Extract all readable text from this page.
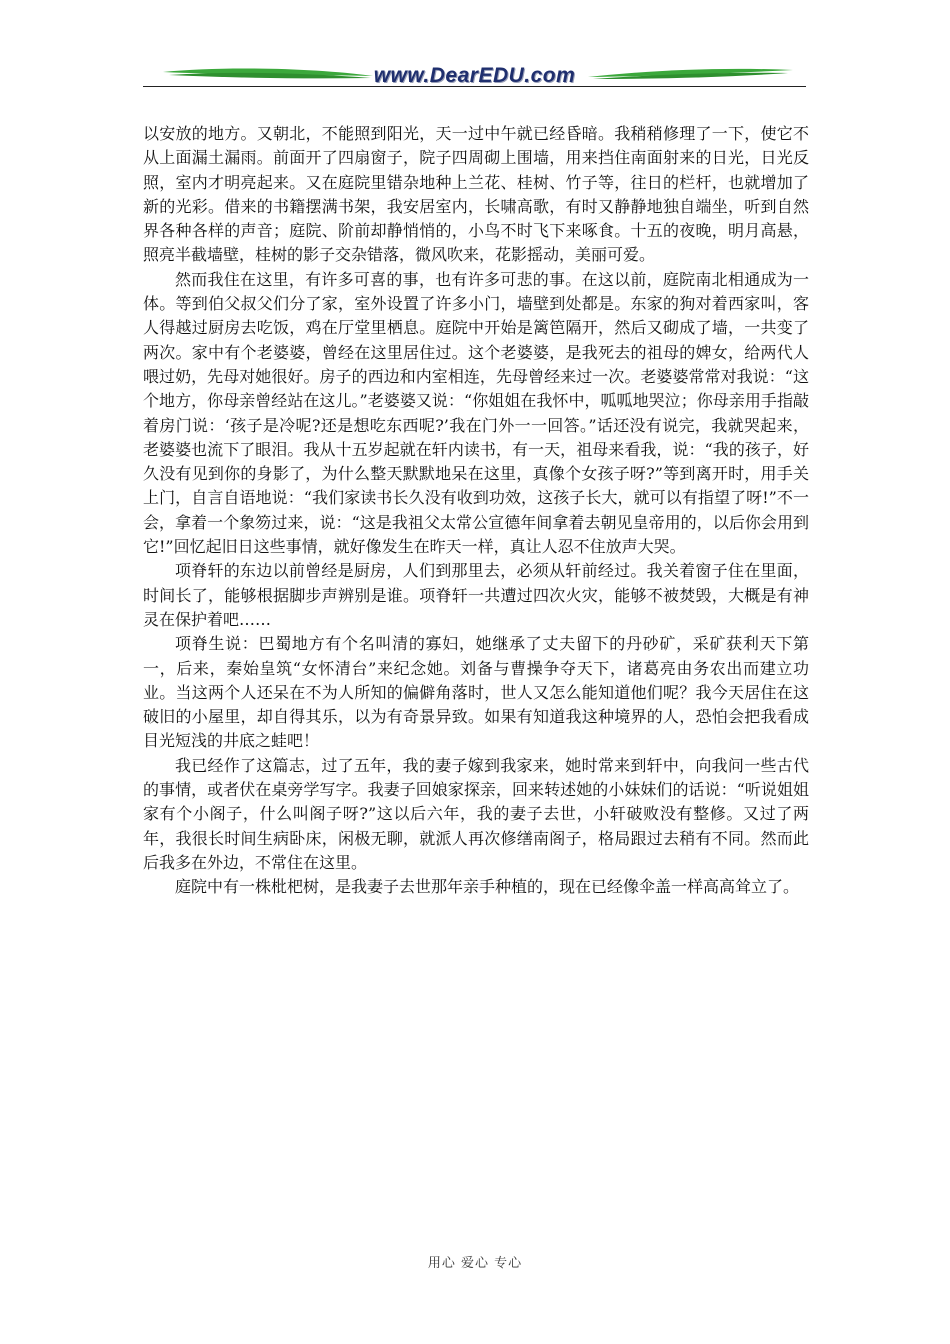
www.DearEDU.com

以安放的地方。又朝北，不能照到阳光，天一过中午就已经昏暗。我稍稍修理了一下，使它不从上面漏土漏雨。前面开了四扇窗子，院子四周砌上围墙，用来挡住南面射来的日光，日光反照，室内才明亮起来。又在庭院里错杂地种上兰花、桂树、竹子等，往日的栏杆，也就增加了新的光彩。借来的书籍摆满书架，我安居室内，长啸高歌，有时又静静地独自端坐，听到自然界各种各样的声音；庭院、阶前却静悄悄的，小鸟不时飞下来啄食。十五的夜晚，明月高悬，照亮半截墙壁，桂树的影子交杂错落，微风吹来，花影摇动，美丽可爱。

然而我住在这里，有许多可喜的事，也有许多可悲的事。在这以前，庭院南北相通成为一体。等到伯父叔父们分了家，室外设置了许多小门，墙壁到处都是。东家的狗对着西家叫，客人得越过厨房去吃饭，鸡在厅堂里栖息。庭院中开始是篱笆隔开，然后又砌成了墙，一共变了两次。家中有个老婆婆，曾经在这里居住过。这个老婆婆，是我死去的祖母的婢女，给两代人喂过奶，先母对她很好。房子的西边和内室相连，先母曾经来过一次。老婆婆常常对我说：“这个地方，你母亲曾经站在这儿。”老婆婆又说：“你姐姐在我怀中，呱呱地哭泣；你母亲用手指敲着房门说：‘孩子是冷呢?还是想吃东西呢?’我在门外一一回答。”话还没有说完，我就哭起来，老婆婆也流下了眼泪。我从十五岁起就在轩内读书，有一天，祖母来看我，说：“我的孩子，好久没有见到你的身影了，为什么整天默默地呆在这里，真像个女孩子呀?”等到离开时，用手关上门，自言自语地说：“我们家读书长久没有收到功效，这孩子长大，就可以有指望了呀!”不一会，拿着一个象笏过来，说：“这是我祖父太常公宣德年间拿着去朝见皇帝用的，以后你会用到它!”回忆起旧日这些事情，就好像发生在昨天一样，真让人忍不住放声大哭。

项脊轩的东边以前曾经是厨房，人们到那里去，必须从轩前经过。我关着窗子住在里面，时间长了，能够根据脚步声辨别是谁。项脊轩一共遭过四次火灾，能够不被焚毁，大概是有神灵在保护着吧……

项脊生说：巴蜀地方有个名叫清的寡妇，她继承了丈夫留下的丹砂矿，采矿获利天下第一，后来，秦始皇筑“女怀清台”来纪念她。刘备与曹操争夺天下，诸葛亮由务农出而建立功业。当这两个人还呆在不为人所知的偏僻角落时，世人又怎么能知道他们呢？我今天居住在这破旧的小屋里，却自得其乐，以为有奇景异致。如果有知道我这种境界的人，恐怕会把我看成目光短浅的井底之蛙吧！

我已经作了这篇志，过了五年，我的妻子嫁到我家来，她时常来到轩中，向我问一些古代的事情，或者伏在桌旁学写字。我妻子回娘家探亲，回来转述她的小妹妹们的话说：“听说姐姐家有个小阁子，什么叫阁子呀?”这以后六年，我的妻子去世，小轩破败没有整修。又过了两年，我很长时间生病卧床，闲极无聊，就派人再次修缮南阁子，格局跟过去稍有不同。然而此后我多在外边，不常住在这里。

庭院中有一株枇杷树，是我妻子去世那年亲手种植的，现在已经像伞盖一样高高耸立了。

用心 爱心 专心
